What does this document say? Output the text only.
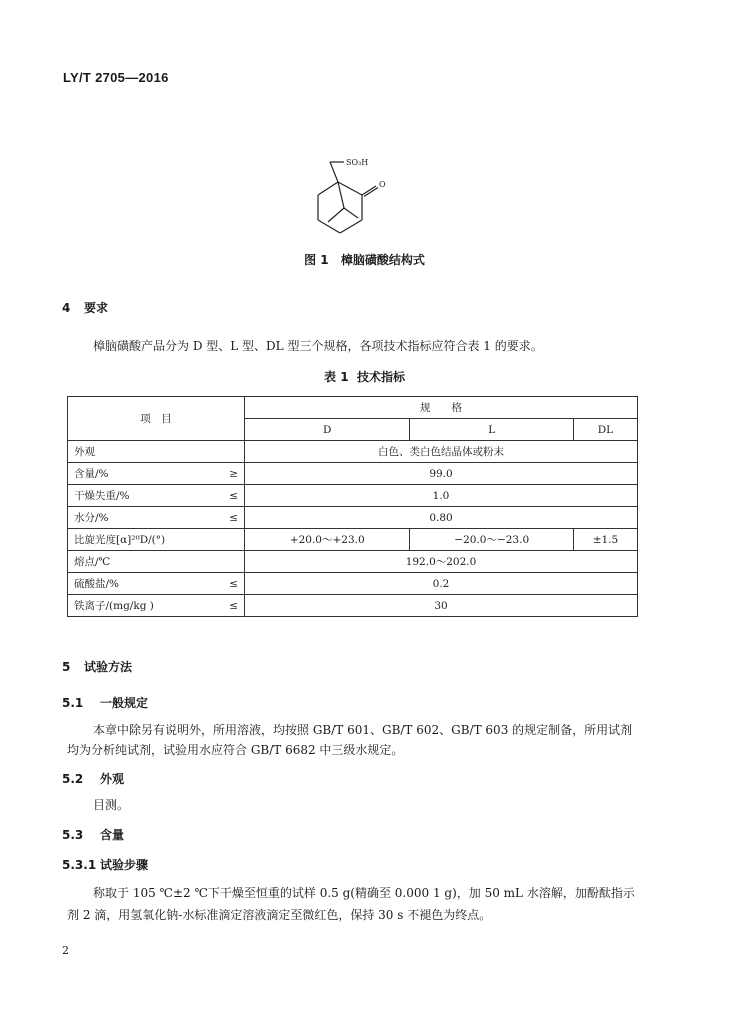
LY/T 2705—2016
SO₃H
O
图 1 樟脑磺酸结构式
4 要求
樟脑磺酸产品分为 D 型、L 型、DL 型三个规格，各项技术指标应符合表 1 的要求。
表 1 技术指标
项　目		规　　格		
		D	L	DL
外观		白色、类白色结晶体或粉末		
含量/%	≥	99.0		
干燥失重/%	≤	1.0		
水分/%	≤	0.80		
比旋光度[α]²⁰D/(°)		+20.0～+23.0	−20.0～−23.0	±1.5
熔点/℃		192.0～202.0		
硫酸盐/%	≤	0.2		
铁离子/(mg/kg )	≤	30		
5 试验方法
5.1 一般规定
本章中除另有说明外，所用溶液，均按照 GB/T 601、GB/T 602、GB/T 603 的规定制备，所用试剂
均为分析纯试剂，试验用水应符合 GB/T 6682 中三级水规定。
5.2 外观
目测。
5.3 含量
5.3.1 试验步骤
称取于 105 ℃±2 ℃下干燥至恒重的试样 0.5 g(精确至 0.000 1 g)，加 50 mL 水溶解，加酚酞指示
剂 2 滴，用氢氧化钠-水标准滴定溶液滴定至微红色，保持 30 s 不褪色为终点。
2
